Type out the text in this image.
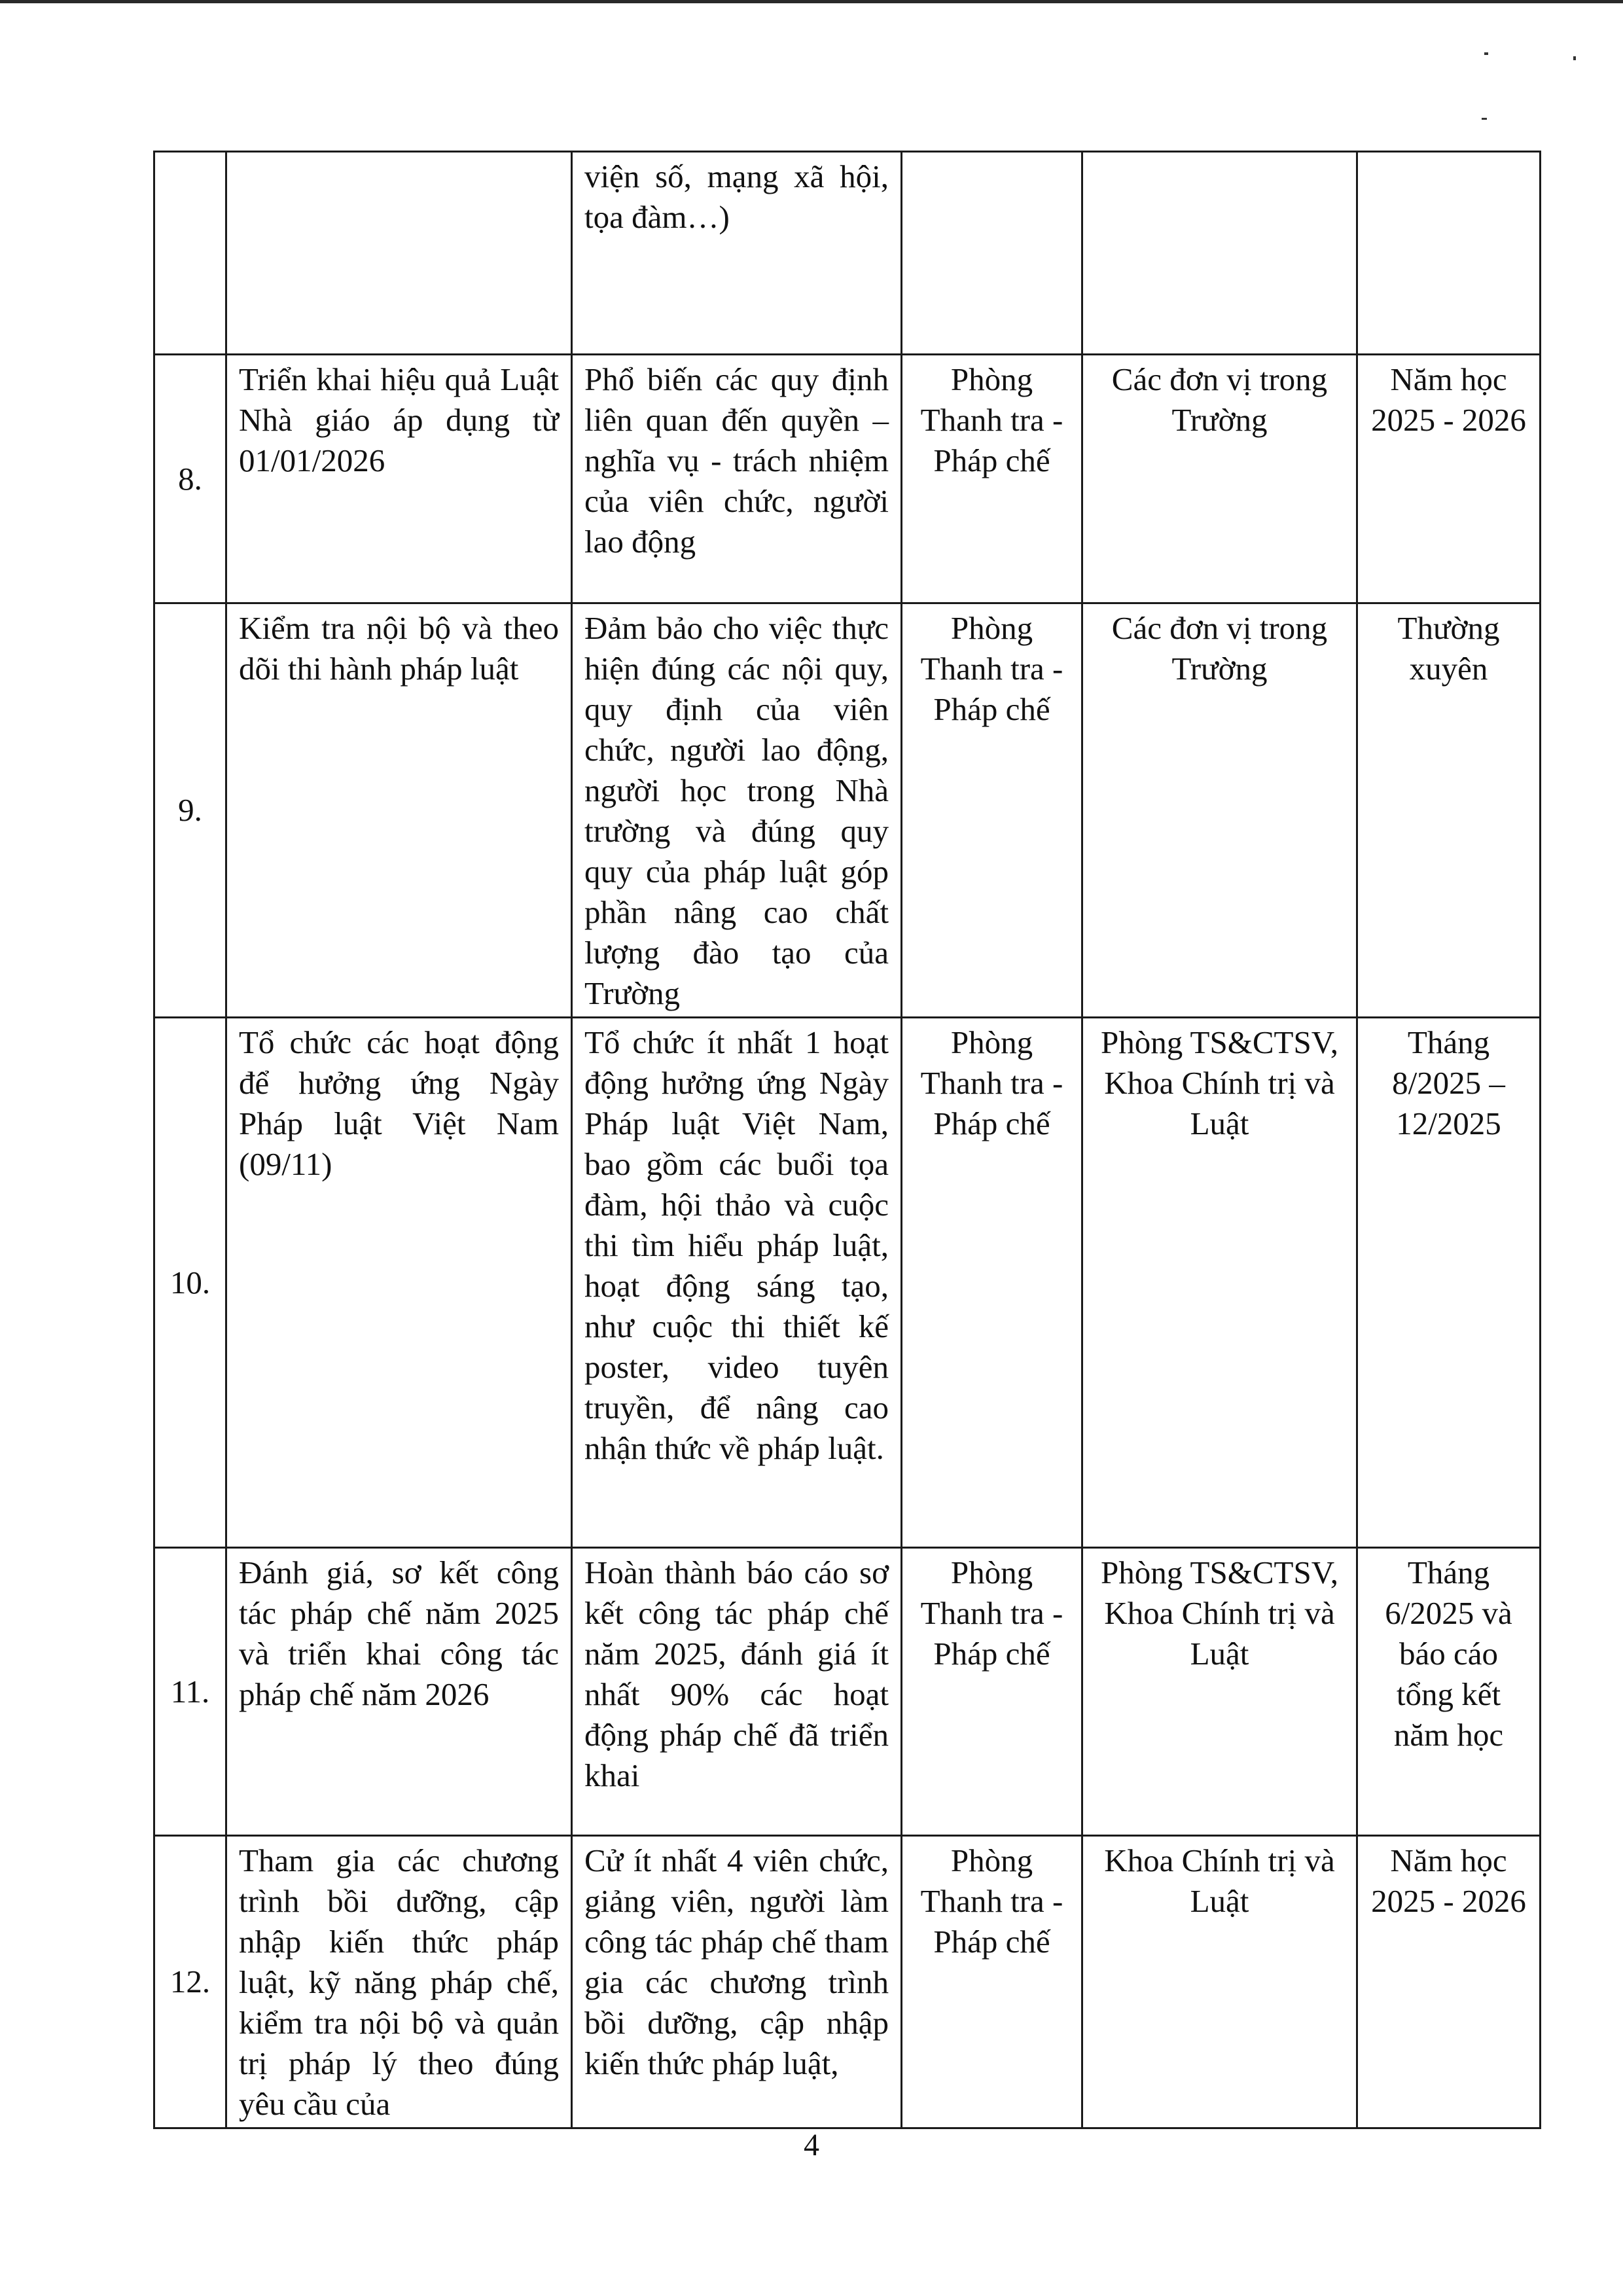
		viện số, mạng xã hội, tọa đàm…)			

8.	Triển khai hiệu quả Luật Nhà giáo áp dụng từ 01/01/2026	Phổ biến các quy định liên quan đến quyền – nghĩa vụ - trách nhiệm của viên chức, người lao động	Phòng Thanh tra - Pháp chế	Các đơn vị trong Trường	Năm học 2025 - 2026

9.	Kiểm tra nội bộ và theo dõi thi hành pháp luật	Đảm bảo cho việc thực hiện đúng các nội quy, quy định của viên chức, người lao động, người học trong Nhà trường và đúng quy quy của pháp luật góp phần nâng cao chất lượng đào tạo của Trường	Phòng Thanh tra - Pháp chế	Các đơn vị trong Trường	Thường xuyên

10.	Tổ chức các hoạt động để hưởng ứng Ngày Pháp luật Việt Nam (09/11)	Tổ chức ít nhất 1 hoạt động hưởng ứng Ngày Pháp luật Việt Nam, bao gồm các buổi tọa đàm, hội thảo và cuộc thi tìm hiểu pháp luật, hoạt động sáng tạo, như cuộc thi thiết kế poster, video tuyên truyền, để nâng cao nhận thức về pháp luật.	Phòng Thanh tra - Pháp chế	Phòng TS&CTSV, Khoa Chính trị và Luật	Tháng 8/2025 – 12/2025

11.	Đánh giá, sơ kết công tác pháp chế năm 2025 và triển khai công tác pháp chế năm 2026	Hoàn thành báo cáo sơ kết công tác pháp chế năm 2025, đánh giá ít nhất 90% các hoạt động pháp chế đã triển khai	Phòng Thanh tra - Pháp chế	Phòng TS&CTSV, Khoa Chính trị và Luật	Tháng 6/2025 và báo cáo tổng kết năm học

12.	Tham gia các chương trình bồi dưỡng, cập nhập kiến thức pháp luật, kỹ năng pháp chế, kiểm tra nội bộ và quản trị pháp lý theo đúng yêu cầu của	Cử ít nhất 4 viên chức, giảng viên, người làm công tác pháp chế tham gia các chương trình bồi dưỡng, cập nhập kiến thức pháp luật,	Phòng Thanh tra - Pháp chế	Khoa Chính trị và Luật	Năm học 2025 - 2026
4
